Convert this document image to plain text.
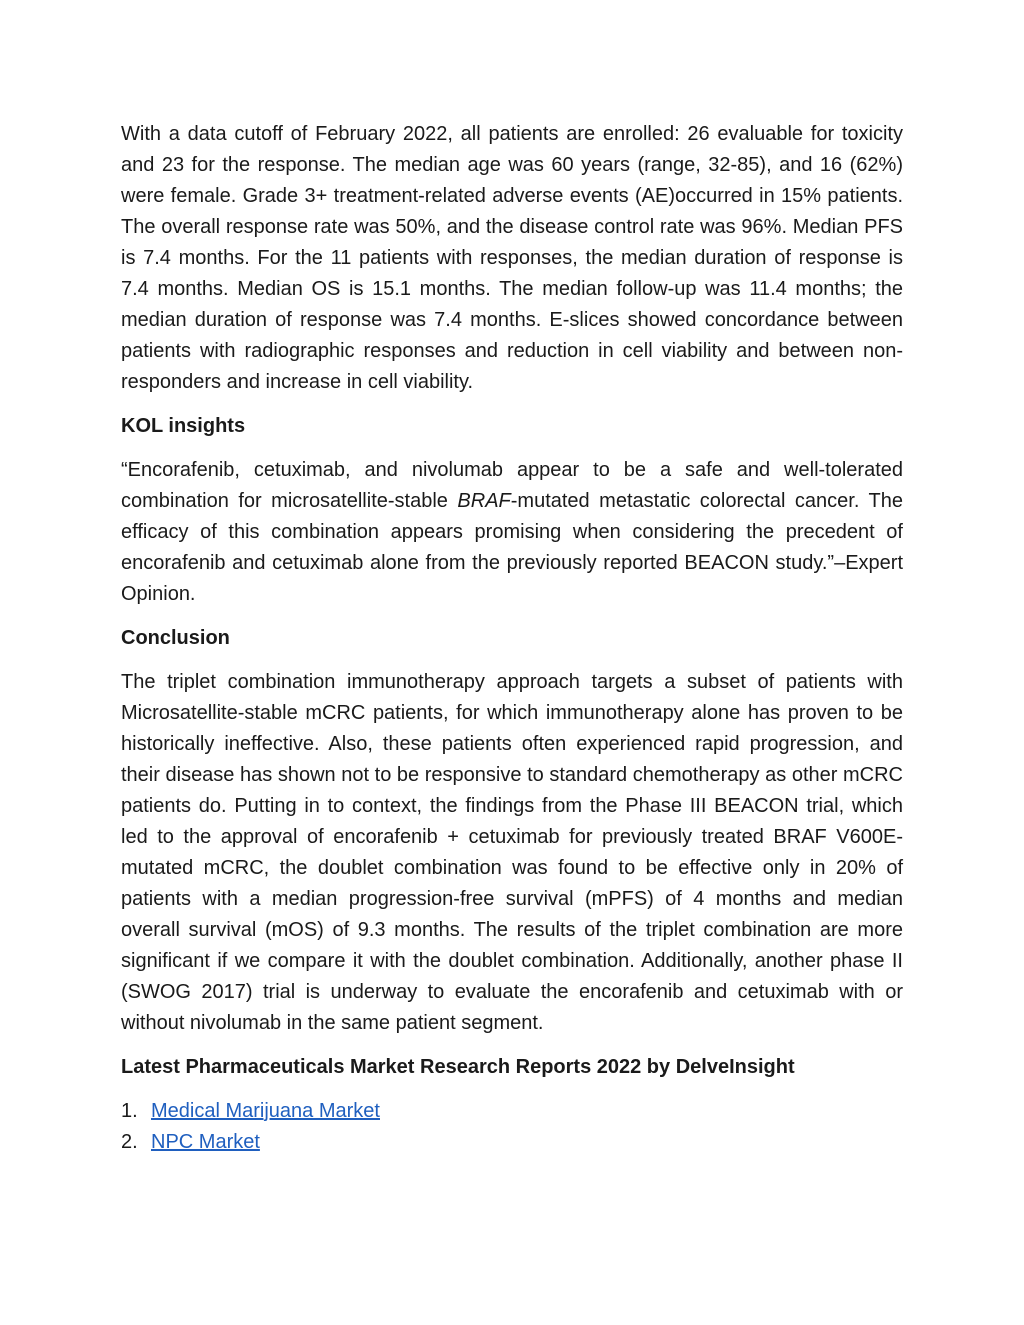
With a data cutoff of February 2022, all patients are enrolled: 26 evaluable for toxicity and 23 for the response. The median age was 60 years (range, 32-85), and 16 (62%) were female. Grade 3+ treatment-related adverse events (AE)occurred in 15% patients. The overall response rate was 50%, and the disease control rate was 96%. Median PFS is 7.4 months. For the 11 patients with responses, the median duration of response is 7.4 months. Median OS is 15.1 months. The median follow-up was 11.4 months; the median duration of response was 7.4 months. E-slices showed concordance between patients with radiographic responses and reduction in cell viability and between non-responders and increase in cell viability.

KOL insights

“Encorafenib, cetuximab, and nivolumab appear to be a safe and well-tolerated combination for microsatellite-stable BRAF-mutated metastatic colorectal cancer. The efficacy of this combination appears promising when considering the precedent of encorafenib and cetuximab alone from the previously reported BEACON study.”–Expert Opinion.

Conclusion

The triplet combination immunotherapy approach targets a subset of patients with Microsatellite-stable mCRC patients, for which immunotherapy alone has proven to be historically ineffective. Also, these patients often experienced rapid progression, and their disease has shown not to be responsive to standard chemotherapy as other mCRC patients do. Putting in to context, the findings from the Phase III BEACON trial, which led to the approval of encorafenib + cetuximab for previously treated BRAF V600E- mutated mCRC, the doublet combination was found to be effective only in 20% of patients with a median progression-free survival (mPFS) of 4 months and median overall survival (mOS) of 9.3 months. The results of the triplet combination are more significant if we compare it with the doublet combination. Additionally, another phase II (SWOG 2017) trial is underway to evaluate the encorafenib and cetuximab with or without nivolumab in the same patient segment.

Latest Pharmaceuticals Market Research Reports 2022 by DelveInsight
1. Medical Marijuana Market
2. NPC Market
